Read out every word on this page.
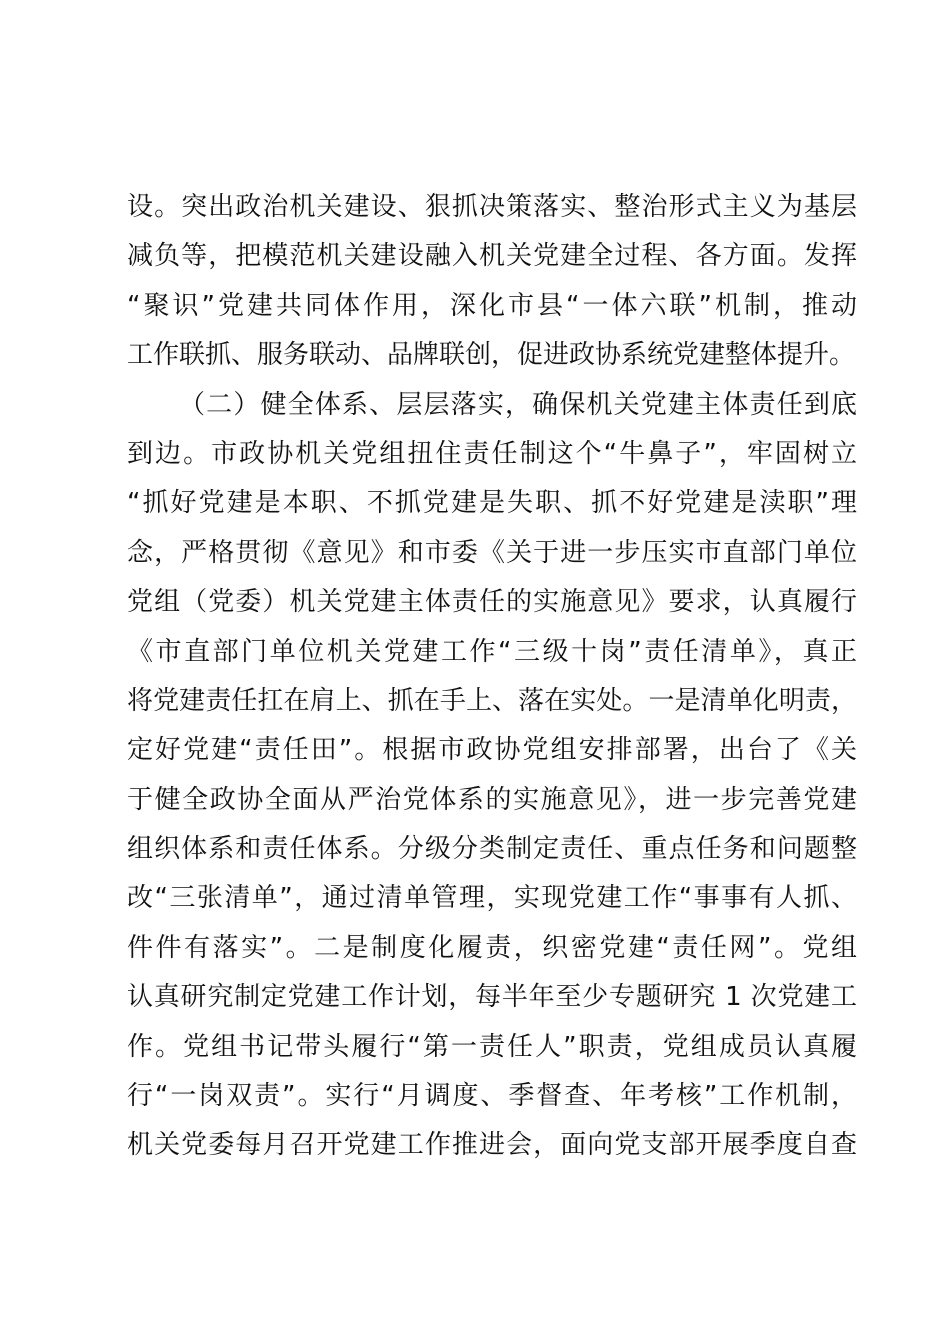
设。突出政治机关建设、狠抓决策落实、整治形式主义为基层
减负等，把模范机关建设融入机关党建全过程、各方面。发挥
“聚识”党建共同体作用，深化市县“一体六联”机制，推动
工作联抓、服务联动、品牌联创，促进政协系统党建整体提升。
（二）健全体系、层层落实，确保机关党建主体责任到底
到边。市政协机关党组扭住责任制这个“牛鼻子”，牢固树立
“抓好党建是本职、不抓党建是失职、抓不好党建是渎职”理
念，严格贯彻《意见》和市委《关于进一步压实市直部门单位
党组（党委）机关党建主体责任的实施意见》要求，认真履行
《市直部门单位机关党建工作“三级十岗”责任清单》，真正
将党建责任扛在肩上、抓在手上、落在实处。一是清单化明责，
定好党建“责任田”。根据市政协党组安排部署，出台了《关
于健全政协全面从严治党体系的实施意见》，进一步完善党建
组织体系和责任体系。分级分类制定责任、重点任务和问题整
改“三张清单”，通过清单管理，实现党建工作“事事有人抓、
件件有落实”。二是制度化履责，织密党建“责任网”。党组
认真研究制定党建工作计划，每半年至少专题研究 1 次党建工
作。党组书记带头履行“第一责任人”职责，党组成员认真履
行“一岗双责”。实行“月调度、季督查、年考核”工作机制，
机关党委每月召开党建工作推进会，面向党支部开展季度自查
